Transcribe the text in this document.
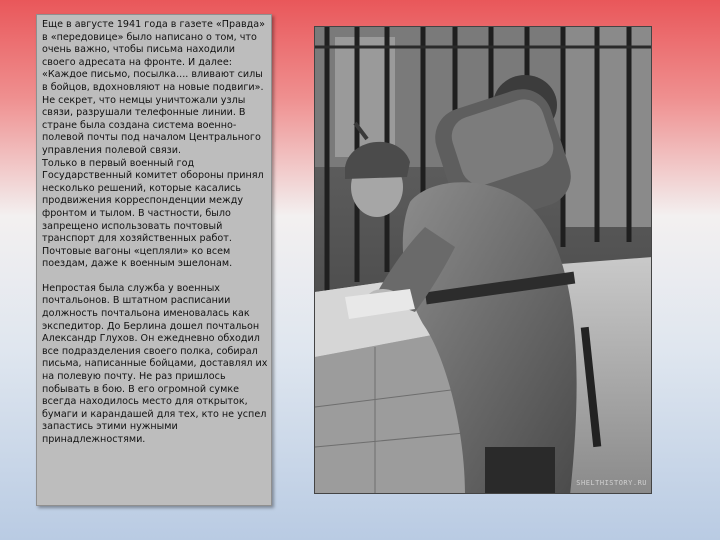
Еще в августе 1941 года в газете «Правда» в «передовице» было написано о том, что очень важно, чтобы письма находили своего адресата на фронте. И далее: «Каждое письмо, посылка.... вливают силы в бойцов, вдохновляют на новые подвиги». Не секрет, что немцы уничтожали узлы связи, разрушали телефонные линии. В стране была создана система военно-полевой почты под началом Центрального управления полевой связи.

Только в первый военный год Государственный комитет обороны принял несколько решений, которые касались продвижения корреспонденции между фронтом и тылом. В частности, было запрещено использовать почтовый транспорт для хозяйственных работ. Почтовые вагоны «цепляли» ко всем поездам, даже к военным эшелонам.

Непростая была служба у военных почтальонов. В штатном расписании должность почтальона именовалась как экспедитор. До Берлина дошел почтальон Александр Глухов. Он ежедневно обходил все подразделения своего полка, собирал письма, написанные бойцами, доставлял их на полевую почту. Не раз пришлось побывать в бою. В его огромной сумке всегда находилось место для открыток, бумаги и карандашей для тех, кто не успел запастись этими нужными принадлежностями.

SHELTHISTORY.RU
